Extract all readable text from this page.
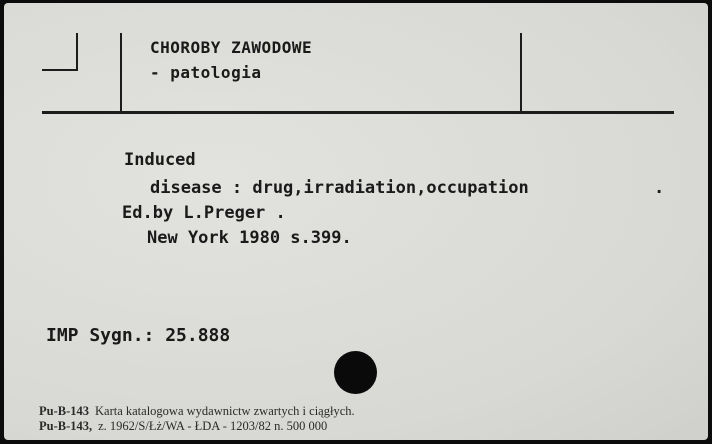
CHOROBY ZAWODOWE
- patologia
Induced
disease : drug,irradiation,occupation	.
Ed.by L.Preger .
New York 1980 s.399.
IMP Sygn.: 25.888
Pu-B-143 Karta katalogowa wydawnictw zwartych i ciągłych.
Pu-B-143, z. 1962/S/Łż/WA - ŁDA - 1203/82 n. 500 000
